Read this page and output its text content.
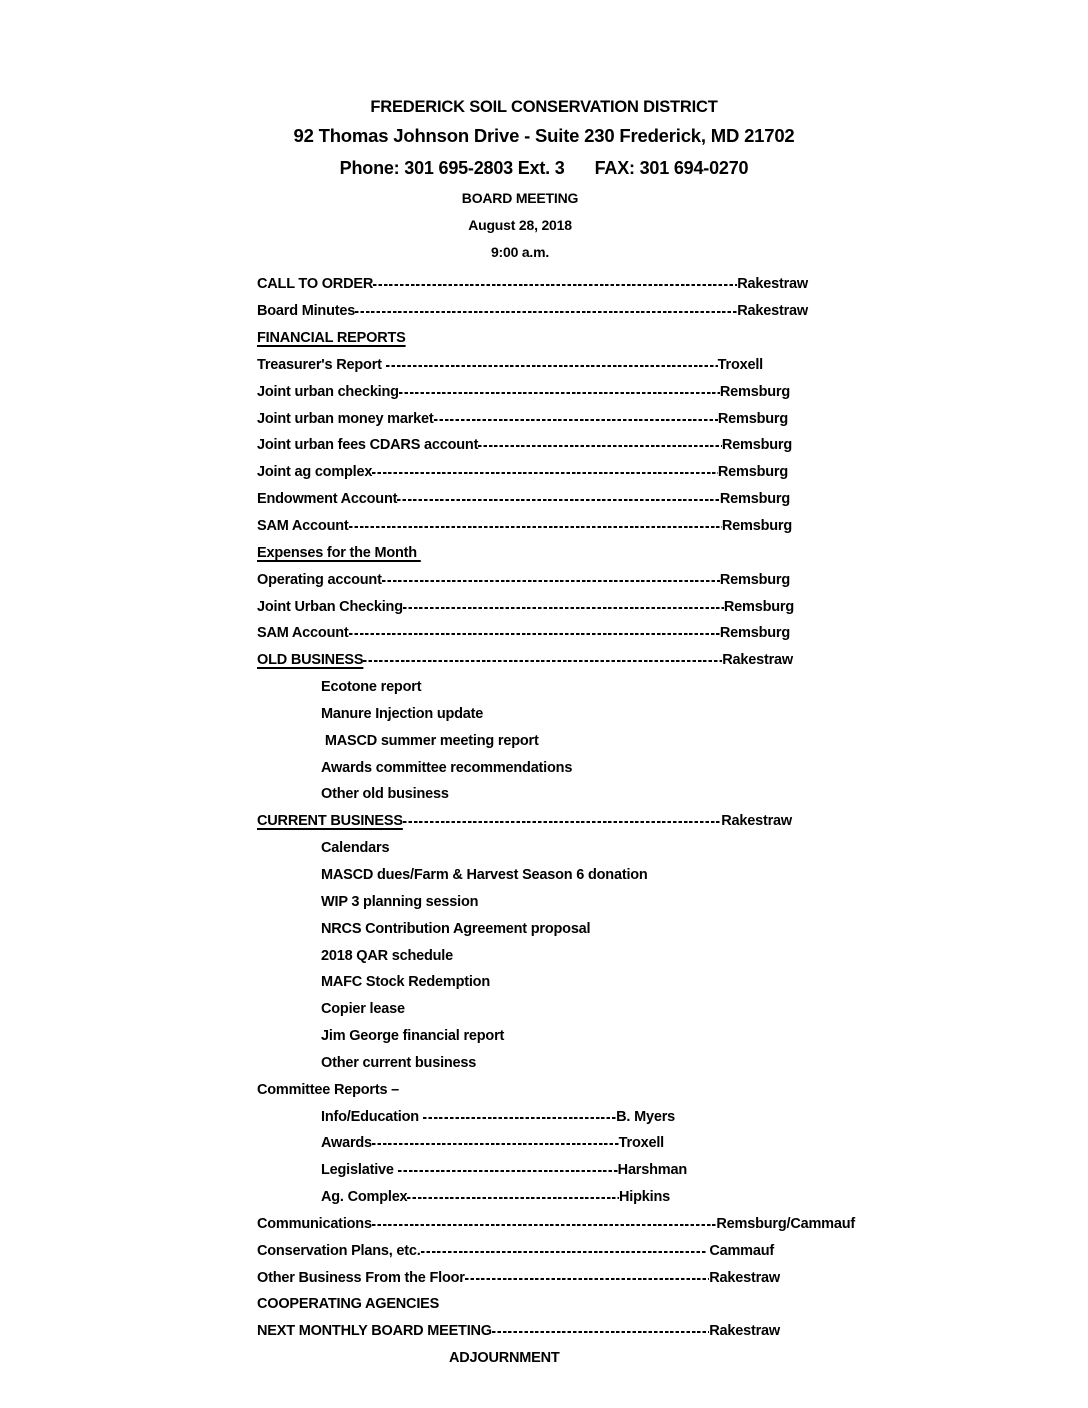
FREDERICK SOIL CONSERVATION DISTRICT
92 Thomas Johnson Drive - Suite 230 Frederick, MD 21702
Phone: 301 695-2803 Ext. 3 FAX: 301 694-0270
BOARD MEETING
August 28, 2018
9:00 a.m.
CALL TO ORDER	Rakestraw
Board Minutes	Rakestraw
FINANCIAL REPORTS
Treasurer's Report	Troxell
Joint urban checking	Remsburg
Joint urban money market	Remsburg
Joint urban fees CDARS account	Remsburg
Joint ag complex	Remsburg
Endowment Account	Remsburg
SAM Account	Remsburg
Expenses for the Month
Operating account	Remsburg
Joint Urban Checking	Remsburg
SAM Account	Remsburg
OLD BUSINESS	Rakestraw
Ecotone report
Manure Injection update
MASCD summer meeting report
Awards committee recommendations
Other old business
CURRENT BUSINESS	Rakestraw
Calendars
MASCD dues/Farm & Harvest Season 6 donation
WIP 3 planning session
NRCS Contribution Agreement proposal
2018 QAR schedule
MAFC Stock Redemption
Copier lease
Jim George financial report
Other current business
Committee Reports –
Info/Education	B. Myers
Awards	Troxell
Legislative	Harshman
Ag. Complex	Hipkins
Communications	Remsburg/Cammauf
Conservation Plans, etc.	Cammauf
Other Business From the Floor	Rakestraw
COOPERATING AGENCIES
NEXT MONTHLY BOARD MEETING	Rakestraw
ADJOURNMENT
